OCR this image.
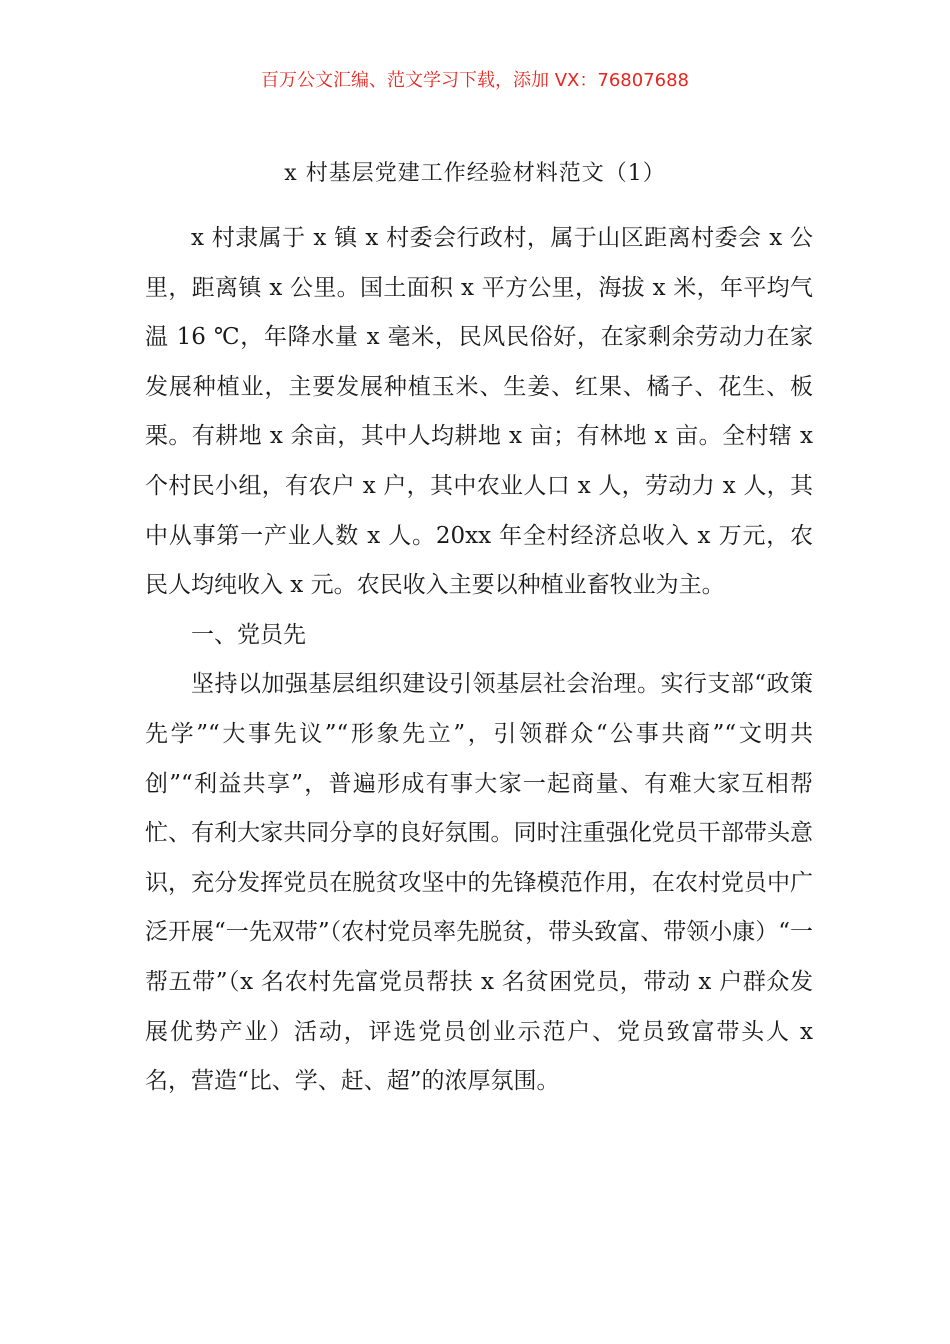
百万公文汇编、范文学习下载，添加 VX：76807688
x 村基层党建工作经验材料范文（1）

x 村隶属于 x 镇 x 村委会行政村，属于山区距离村委会 x 公里，距离镇 x 公里。国土面积 x 平方公里，海拔 x 米，年平均气温 16 ℃，年降水量 x 毫米，民风民俗好，在家剩余劳动力在家发展种植业，主要发展种植玉米、生姜、红果、橘子、花生、板栗。有耕地 x 余亩，其中人均耕地 x 亩；有林地 x 亩。全村辖 x 个村民小组，有农户 x 户，其中农业人口 x 人，劳动力 x 人，其中从事第一产业人数 x 人。20xx 年全村经济总收入 x 万元，农民人均纯收入 x 元。农民收入主要以种植业畜牧业为主。

一、党员先

坚持以加强基层组织建设引领基层社会治理。实行支部“政策先学”“大事先议”“形象先立”，引领群众“公事共商”“文明共创”“利益共享”，普遍形成有事大家一起商量、有难大家互相帮忙、有利大家共同分享的良好氛围。同时注重强化党员干部带头意识，充分发挥党员在脱贫攻坚中的先锋模范作用，在农村党员中广泛开展“一先双带”（农村党员率先脱贫，带头致富、带领小康）“一帮五带”（x 名农村先富党员帮扶 x 名贫困党员，带动 x 户群众发展优势产业）活动，评选党员创业示范户、党员致富带头人 x 名，营造“比、学、赶、超”的浓厚氛围。
